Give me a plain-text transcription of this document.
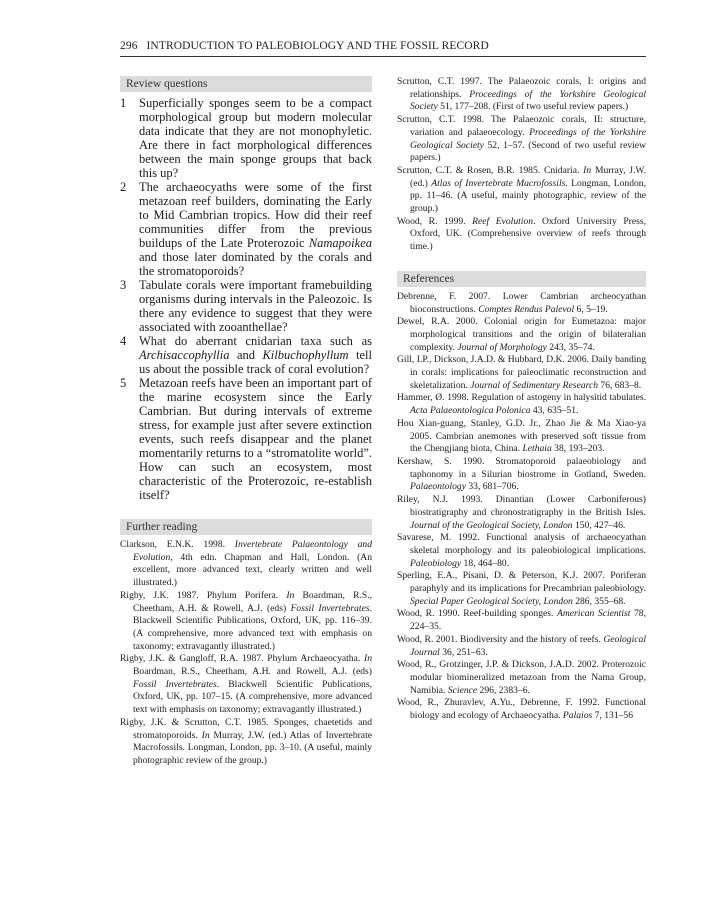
296 INTRODUCTION TO PALEOBIOLOGY AND THE FOSSIL RECORD
Review questions
1	Superficially sponges seem to be a compact morphological group but modern molecular data indicate that they are not monophyletic. Are there in fact morphological differences between the main sponge groups that back this up?
2	The archaeocyaths were some of the first metazoan reef builders, dominating the Early to Mid Cambrian tropics. How did their reef communities differ from the previous buildups of the Late Proterozoic Namapoikea and those later dominated by the corals and the stromatoporoids?
3	Tabulate corals were important framebuilding organisms during intervals in the Paleozoic. Is there any evidence to suggest that they were associated with zooanthellae?
4	What do aberrant cnidarian taxa such as Archisaccophyllia and Kilbuchophyllum tell us about the possible track of coral evolution?
5	Metazoan reefs have been an important part of the marine ecosystem since the Early Cambrian. But during intervals of extreme stress, for example just after severe extinction events, such reefs disappear and the planet momentarily returns to a “stromatolite world”. How can such an ecosystem, most characteristic of the Proterozoic, re-establish itself?
Further reading

Clarkson, E.N.K. 1998. Invertebrate Palaeontology and Evolution, 4th edn. Chapman and Hall, London. (An excellent, more advanced text, clearly written and well illustrated.)

Rigby, J.K. 1987. Phylum Porifera. In Boardman, R.S., Cheetham, A.H. & Rowell, A.J. (eds) Fossil Invertebrates. Blackwell Scientific Publications, Oxford, UK, pp. 116–39. (A comprehensive, more advanced text with emphasis on taxonomy; extravagantly illustrated.)

Rigby, J.K. & Gangloff, R.A. 1987. Phylum Archaeocyatha. In Boardman, R.S., Cheetham, A.H. and Rowell, A.J. (eds) Fossil Invertebrates. Blackwell Scientific Publications, Oxford, UK, pp. 107–15. (A comprehensive, more advanced text with emphasis on taxonomy; extravagantly illustrated.)

Rigby, J.K. & Scrutton, C.T. 1985. Sponges, chaetetids and stromatoporoids. In Murray, J.W. (ed.) Atlas of Invertebrate Macrofossils. Longman, London, pp. 3–10. (A useful, mainly photographic review of the group.)

Scrutton, C.T. 1997. The Palaeozoic corals, I: origins and relationships. Proceedings of the Yorkshire Geological Society 51, 177–208. (First of two useful review papers.)

Scrutton, C.T. 1998. The Palaeozoic corals, II: structure, variation and palaeoecology. Proceedings of the Yorkshire Geological Society 52, 1–57. (Second of two useful review papers.)

Scrutton, C.T. & Rosen, B.R. 1985. Cnidaria. In Murray, J.W. (ed.) Atlas of Invertebrate Macrofossils. Longman, London, pp. 11–46. (A useful, mainly photographic, review of the group.)

Wood, R. 1999. Reef Evolution. Oxford University Press, Oxford, UK. (Comprehensive overview of reefs through time.)

References

Debrenne, F. 2007. Lower Cambrian archeocyathan bioconstructions. Comptes Rendus Palevol 6, 5–19.

Dewel, R.A. 2000. Colonial origin for Eumetazoa: major morphological transitions and the origin of bilateralian complexity. Journal of Morphology 243, 35–74.

Gill, I.P., Dickson, J.A.D. & Hubbard, D.K. 2006. Daily banding in corals: implications for paleoclimatic reconstruction and skeletalization. Journal of Sedimentary Research 76, 683–8.

Hammer, Ø. 1998. Regulation of astogeny in halysitid tabulates. Acta Palaeontologica Polonica 43, 635–51.

Hou Xian-guang, Stanley, G.D. Jr., Zhao Jie & Ma Xiao-ya 2005. Cambrian anemones with preserved soft tissue from the Chengjiang biota, China. Lethaia 38, 193–203.

Kershaw, S. 1990. Stromatoporoid palaeobiology and taphonomy in a Silurian biostrome in Gotland, Sweden. Palaeontology 33, 681–706.

Riley, N.J. 1993. Dinantian (Lower Carboniferous) biostratigraphy and chronostratigraphy in the British Isles. Journal of the Geological Society, London 150, 427–46.

Savarese, M. 1992. Functional analysis of archaeocyathan skeletal morphology and its paleobiological implications. Paleobiology 18, 464–80.

Sperling, E.A., Pisani, D. & Peterson, K.J. 2007. Poriferan paraphyly and its implications for Precambrian paleobiology. Special Paper Geological Society, London 286, 355–68.

Wood, R. 1990. Reef-building sponges. American Scientist 78, 224–35.

Wood, R. 2001. Biodiversity and the history of reefs. Geological Journal 36, 251–63.

Wood, R., Grotzinger, J.P. & Dickson, J.A.D. 2002. Proterozoic modular biomineralized metazoan from the Nama Group, Namibia. Science 296, 2383–6.

Wood, R., Zhuravlev, A.Yu., Debrenne, F. 1992. Functional biology and ecology of Archaeocyatha. Palaios 7, 131–56
